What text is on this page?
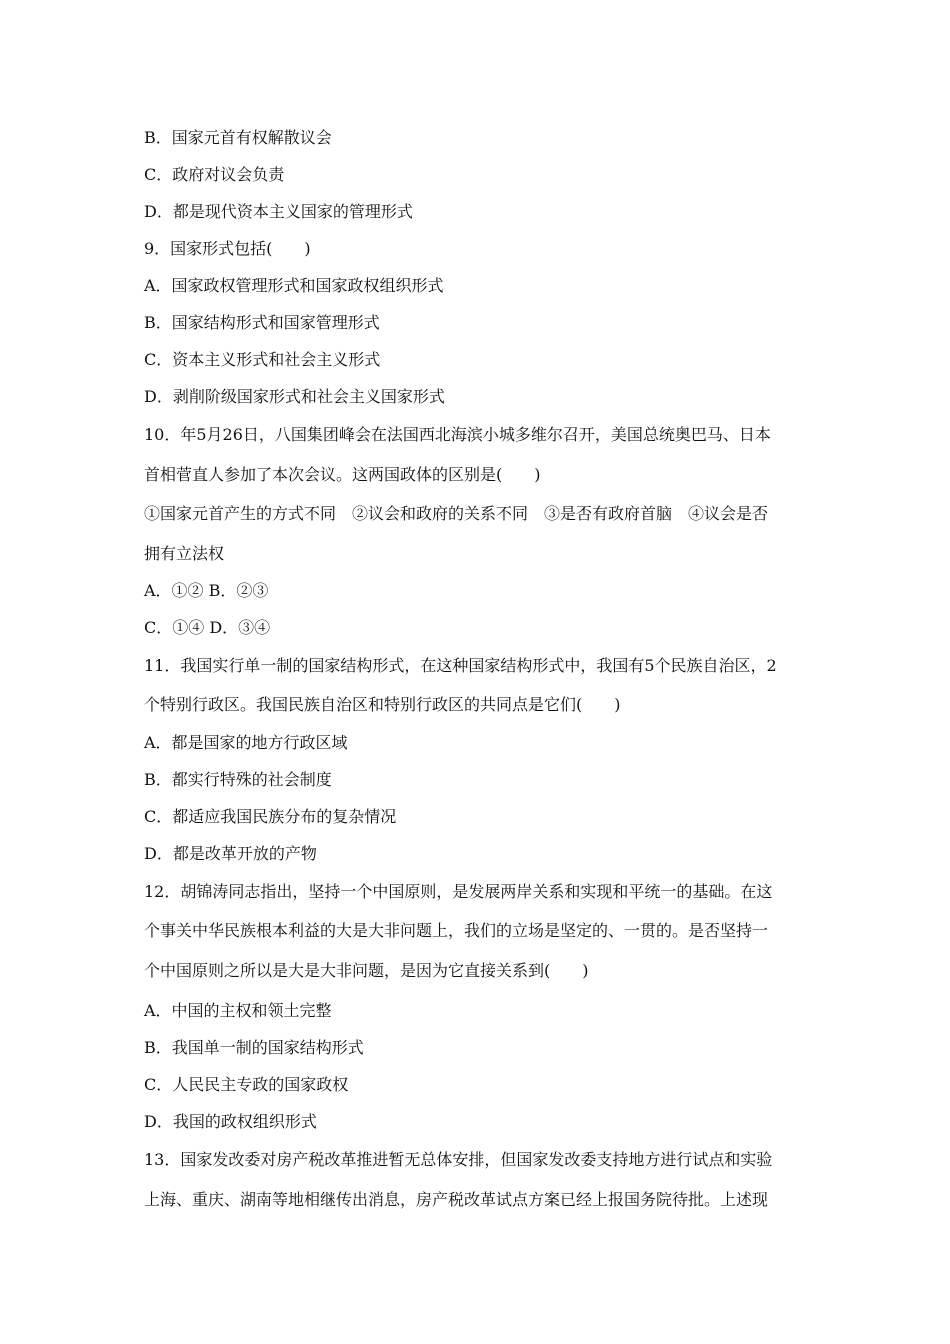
B．国家元首有权解散议会
C．政府对议会负责
D．都是现代资本主义国家的管理形式
9．国家形式包括(　　)
A．国家政权管理形式和国家政权组织形式
B．国家结构形式和国家管理形式
C．资本主义形式和社会主义形式
D．剥削阶级国家形式和社会主义国家形式
10．年5月26日，八国集团峰会在法国西北海滨小城多维尔召开，美国总统奥巴马、日本
首相菅直人参加了本次会议。这两国政体的区别是(　　)
①国家元首产生的方式不同　②议会和政府的关系不同　③是否有政府首脑　④议会是否
拥有立法权
A．①② B．②③
C．①④ D．③④
11．我国实行单一制的国家结构形式，在这种国家结构形式中，我国有5个民族自治区，2
个特别行政区。我国民族自治区和特别行政区的共同点是它们(　　)
A．都是国家的地方行政区域
B．都实行特殊的社会制度
C．都适应我国民族分布的复杂情况
D．都是改革开放的产物
12．胡锦涛同志指出，坚持一个中国原则，是发展两岸关系和实现和平统一的基础。在这
个事关中华民族根本利益的大是大非问题上，我们的立场是坚定的、一贯的。是否坚持一
个中国原则之所以是大是大非问题，是因为它直接关系到(　　)
A．中国的主权和领土完整
B．我国单一制的国家结构形式
C．人民民主专政的国家政权
D．我国的政权组织形式
13．国家发改委对房产税改革推进暂无总体安排，但国家发改委支持地方进行试点和实验
上海、重庆、湖南等地相继传出消息，房产税改革试点方案已经上报国务院待批。上述现
